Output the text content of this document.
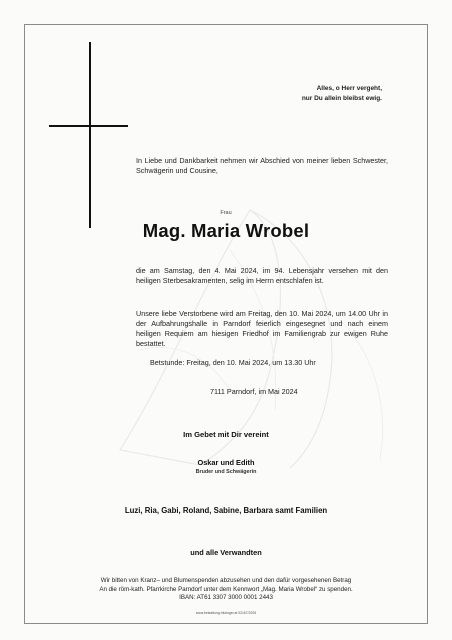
Alles, o Herr vergeht,
nur Du allein bleibst ewig.
In Liebe und Dankbarkeit nehmen wir Abschied von meiner lieben Schwester, Schwägerin und Cousine,
Frau
Mag. Maria Wrobel
die am Samstag, den 4. Mai 2024, im 94. Lebensjahr versehen mit den heiligen Sterbesakramenten, selig im Herrn entschlafen ist.
Unsere liebe Verstorbene wird am Freitag, den 10. Mai 2024, um 14.00 Uhr in der Aufbahrungshalle in Parndorf feierlich eingesegnet und nach einem heiligen Requiem am hiesigen Friedhof im Familiengrab zur ewigen Ruhe bestattet.
Betstunde: Freitag, den 10. Mai 2024, um 13.30 Uhr
7111 Parndorf, im Mai 2024
Im Gebet mit Dir vereint
Oskar und Edith
Bruder und Schwägerin
Luzi, Ria, Gabi, Roland, Sabine, Barbara samt Familien
und alle Verwandten
Wir bitten von Kranz– und Blumenspenden abzusehen und den dafür vorgesehenen Betrag
An die röm-kath. Pfarrkirche Parndorf unter dem Kennwort „Mag. Maria Wrobel“ zu spenden.
IBAN: AT61 3307 3000 0001 2443
www.bestattung-hitzinger.at 02167/2205
